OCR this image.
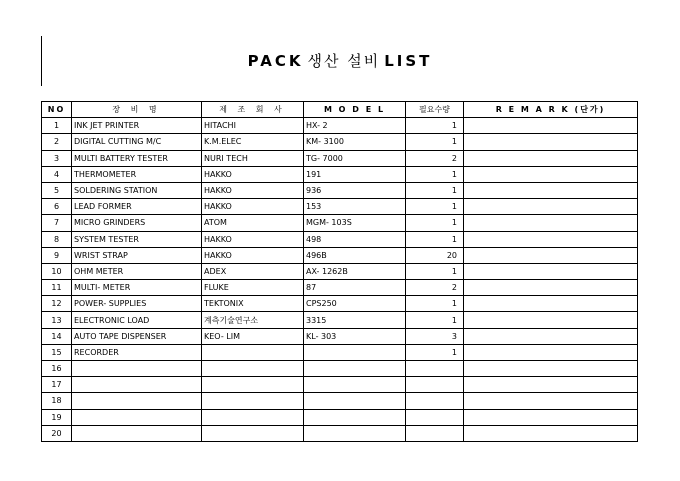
PACK 생산 설비 LIST
NO	장 비 명	제 조 회 사	M O D E L	필요수량	R E M A R K (단가)
1	INK JET PRINTER	HITACHI	HX- 2	1	
2	DIGITAL CUTTING M/C	K.M.ELEC	KM- 3100	1	
3	MULTI BATTERY TESTER	NURI TECH	TG- 7000	2	
4	THERMOMETER	HAKKO	191	1	
5	SOLDERING STATION	HAKKO	936	1	
6	LEAD FORMER	HAKKO	153	1	
7	MICRO GRINDERS	ATOM	MGM- 103S	1	
8	SYSTEM TESTER	HAKKO	498	1	
9	WRIST STRAP	HAKKO	496B	20	
10	OHM METER	ADEX	AX- 1262B	1	
11	MULTI- METER	FLUKE	87	2	
12	POWER- SUPPLIES	TEKTONIX	CPS250	1	
13	ELECTRONIC LOAD	계측기술연구소	3315	1	
14	AUTO TAPE DISPENSER	KEO- LIM	KL- 303	3	
15	RECORDER			1	
16					
17					
18					
19					
20					
